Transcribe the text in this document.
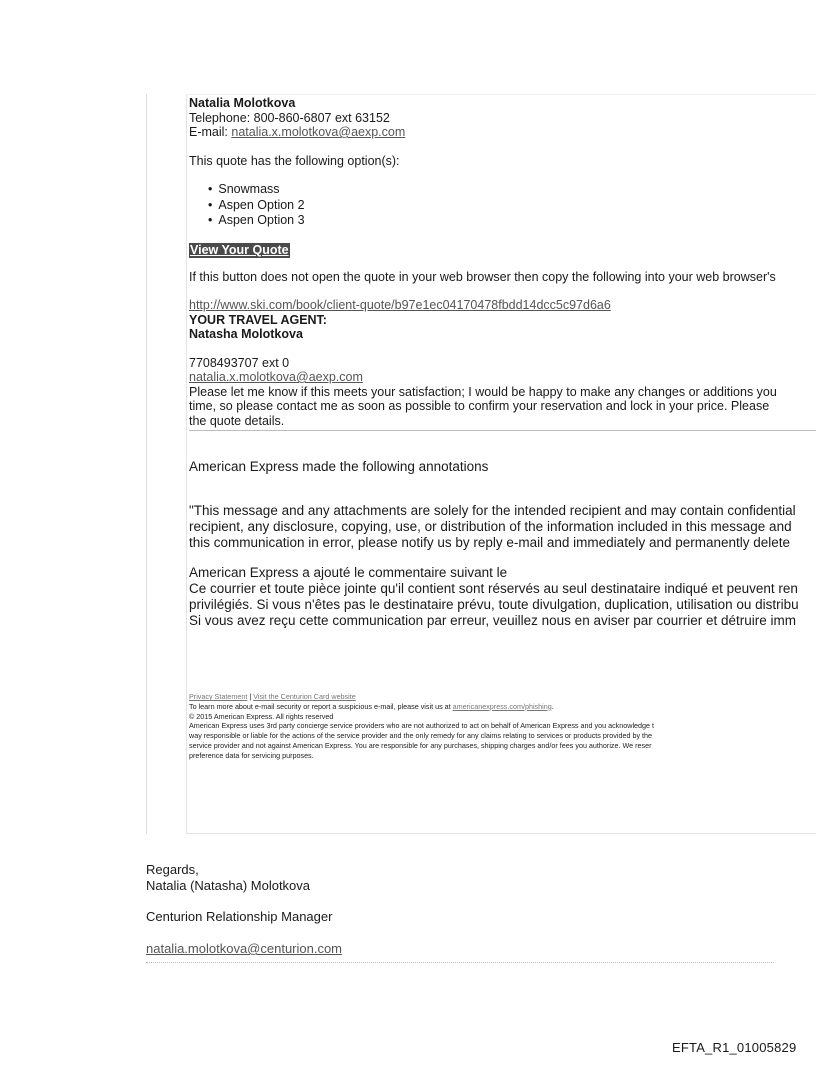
Natalia Molotkova
Telephone: 800-860-6807 ext 63152
E-mail: natalia.x.molotkova@aexp.com
This quote has the following option(s):
• Snowmass
• Aspen Option 2
• Aspen Option 3
View Your Quote
If this button does not open the quote in your web browser then copy the following into your web browser's
http://www.ski.com/book/client-quote/b97e1ec04170478fbdd14dcc5c97d6a6
YOUR TRAVEL AGENT:
Natasha Molotkova
7708493707 ext 0
natalia.x.molotkova@aexp.com
Please let me know if this meets your satisfaction; I would be happy to make any changes or additions you
time, so please contact me as soon as possible to confirm your reservation and lock in your price. Please
the quote details.
American Express made the following annotations
"This message and any attachments are solely for the intended recipient and may contain confidential
recipient, any disclosure, copying, use, or distribution of the information included in this message and
this communication in error, please notify us by reply e-mail and immediately and permanently delete
American Express a ajouté le commentaire suivant le
Ce courrier et toute pièce jointe qu'il contient sont réservés au seul destinataire indiqué et peuvent ren
privilégiés. Si vous n'êtes pas le destinataire prévu, toute divulgation, duplication, utilisation ou distribu
Si vous avez reçu cette communication par erreur, veuillez nous en aviser par courrier et détruire imm
Privacy Statement | Visit the Centurion Card website
To learn more about e-mail security or report a suspicious e-mail, please visit us at americanexpress.com/phishing.
© 2015 American Express. All rights reserved
American Express uses 3rd party concierge service providers who are not authorized to act on behalf of American Express and you acknowledge t
way responsible or liable for the actions of the service provider and the only remedy for any claims relating to services or products provided by the
service provider and not against American Express. You are responsible for any purchases, shipping charges and/or fees you authorize. We reser
preference data for servicing purposes.
Regards,
Natalia (Natasha) Molotkova
Centurion Relationship Manager
natalia.molotkova@centurion.com
EFTA_R1_01005829
